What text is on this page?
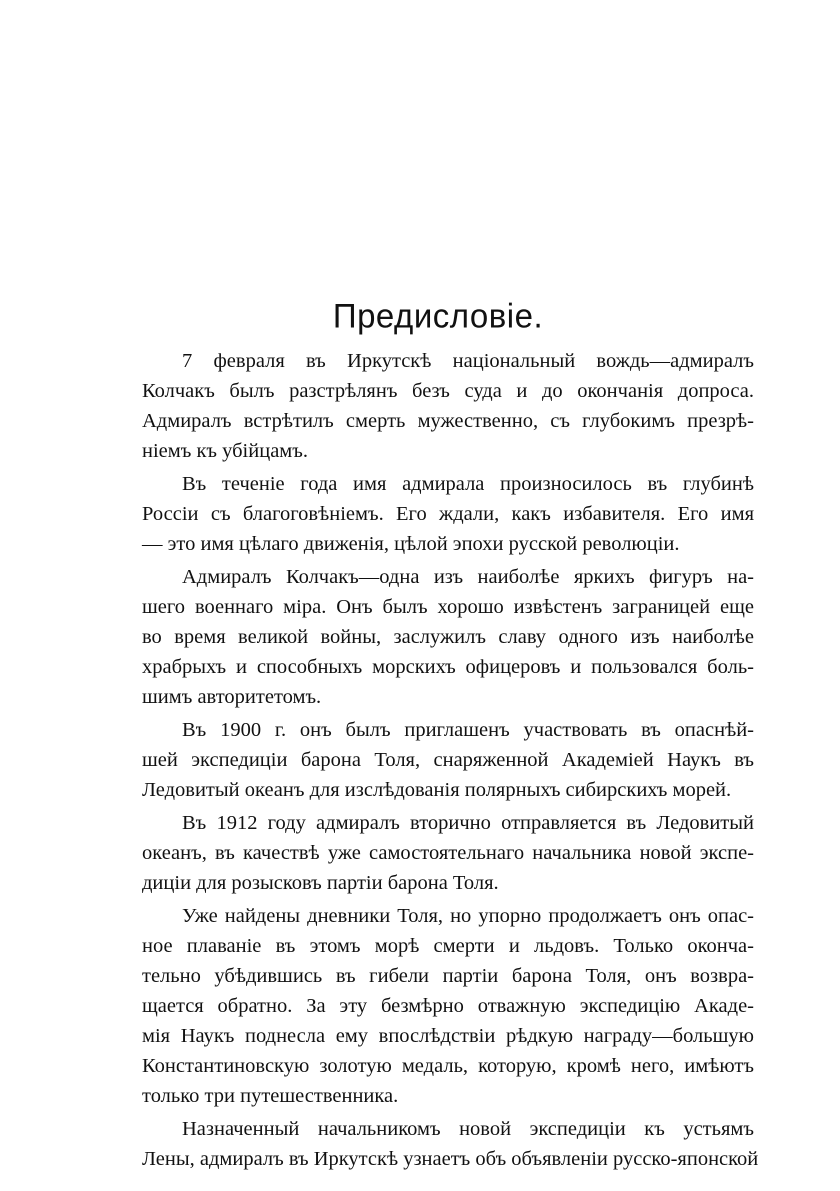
Предисловіе.
7 февраля въ Иркутскѣ національный вождь—адмиралъ
Колчакъ былъ разстрѣлянъ безъ суда и до окончанія допроса.
Адмиралъ встрѣтилъ смерть мужественно, съ глубокимъ презрѣ-
ніемъ къ убійцамъ.
Въ теченіе года имя адмирала произносилось въ глубинѣ
Россіи съ благоговѣніемъ. Его ждали, какъ избавителя. Его имя
— это имя цѣлаго движенія, цѣлой эпохи русской революціи.
Адмиралъ Колчакъ—одна изъ наиболѣе яркихъ фигуръ на-
шего военнаго міра. Онъ былъ хорошо извѣстенъ заграницей еще
во время великой войны, заслужилъ славу одного изъ наиболѣе
храбрыхъ и способныхъ морскихъ офицеровъ и пользовался боль-
шимъ авторитетомъ.
Въ 1900 г. онъ былъ приглашенъ участвовать въ опаснѣй-
шей экспедиціи барона Толя, снаряженной Академіей Наукъ въ
Ледовитый океанъ для изслѣдованія полярныхъ сибирскихъ морей.
Въ 1912 году адмиралъ вторично отправляется въ Ледовитый
океанъ, въ качествѣ уже самостоятельнаго начальника новой экспе-
диціи для розысковъ партіи барона Толя.
Уже найдены дневники Толя, но упорно продолжаетъ онъ опас-
ное плаваніе въ этомъ морѣ смерти и льдовъ. Только оконча-
тельно убѣдившись въ гибели партіи барона Толя, онъ возвра-
щается обратно. За эту безмѣрно отважную экспедицію Акаде-
мія Наукъ поднесла ему впослѣдствіи рѣдкую награду—большую
Константиновскую золотую медаль, которую, кромѣ него, имѣютъ
только три путешественника.
Назначенный начальникомъ новой экспедиціи къ устьямъ
Лены, адмиралъ въ Иркутскѣ узнаетъ объ объявленіи русско-японской
